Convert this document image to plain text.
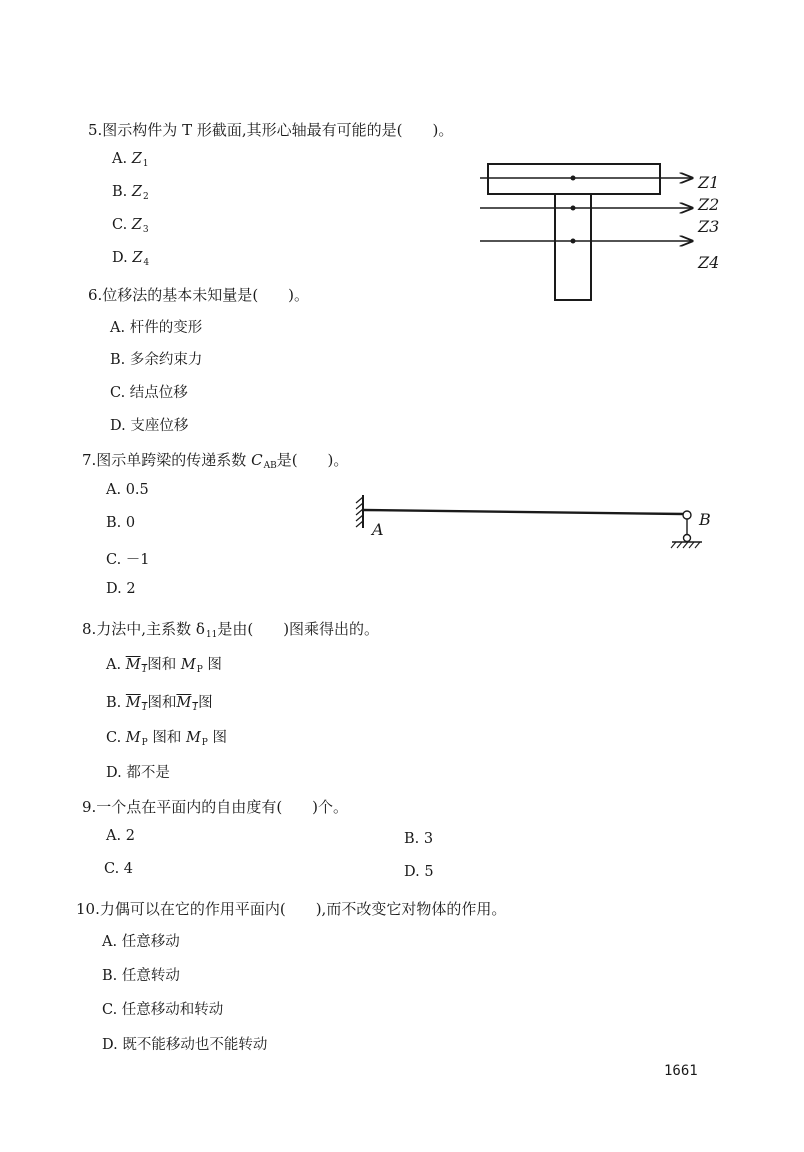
5.图示构件为 T 形截面,其形心轴最有可能的是(　　)。
A. $Z_1$
B. $Z_2$
C. $Z_3$
D. $Z_4$
Z1
Z2
Z3
Z4
6.位移法的基本未知量是(　　)。
A. 杆件的变形
B. 多余约束力
C. 结点位移
D. 支座位移
7.图示单跨梁的传递系数 $C_{AB}$是(　　)。
A. 0.5
B. 0
C. －1
D. 2
A
B
8.力法中,主系数 $\delta_{11}$是由(　　)图乘得出的。
A. $M_1$图和 $M_P$ 图
B. $M_1$图和$M_1$图
C. $M_P$ 图和 $M_P$ 图
D. 都不是
9.一个点在平面内的自由度有(　　)个。
A. 2	B. 3
C. 4	D. 5
10.力偶可以在它的作用平面内(　　),而不改变它对物体的作用。
A. 任意移动
B. 任意转动
C. 任意移动和转动
D. 既不能移动也不能转动
1661
